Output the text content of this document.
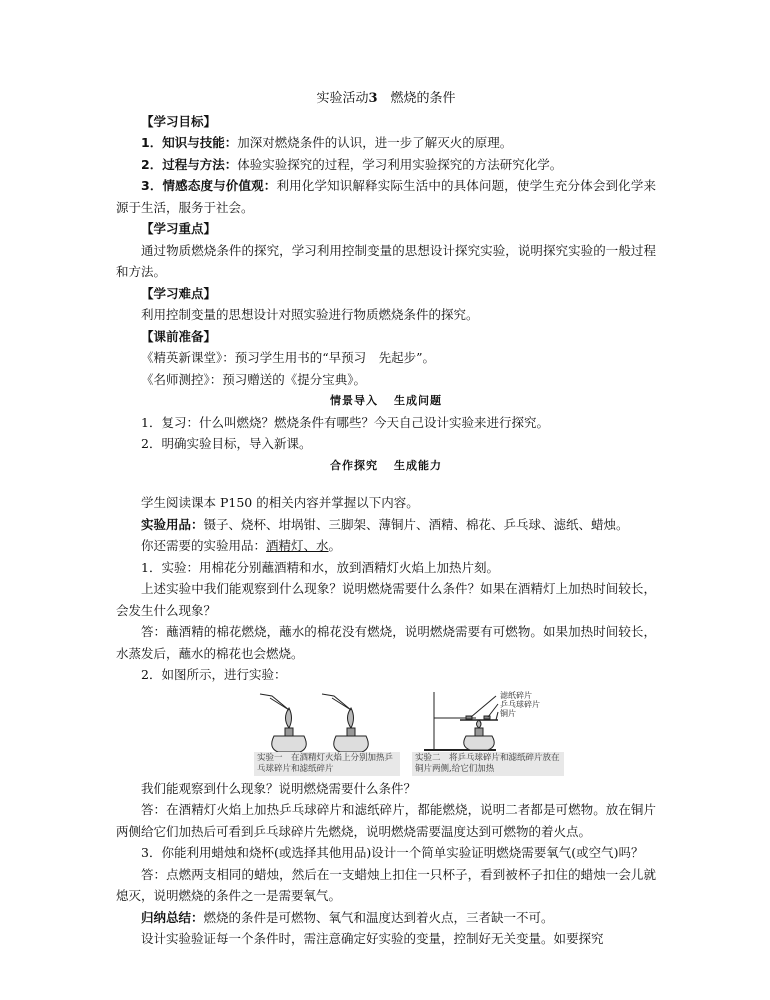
实验活动3　 燃烧的条件

【学习目标】

1．知识与技能：加深对燃烧条件的认识，进一步了解灭火的原理。

2．过程与方法：体验实验探究的过程，学习利用实验探究的方法研究化学。

3．情感态度与价值观：利用化学知识解释实际生活中的具体问题，使学生充分体会到化学来源于生活，服务于社会。

【学习重点】

通过物质燃烧条件的探究，学习利用控制变量的思想设计探究实验，说明探究实验的一般过程和方法。

【学习难点】

利用控制变量的思想设计对照实验进行物质燃烧条件的探究。

【课前准备】

《精英新课堂》：预习学生用书的“早预习　先起步”。

《名师测控》：预习赠送的《提分宝典》。

情景导入 生成问题

1．复习：什么叫燃烧？燃烧条件有哪些？今天自己设计实验来进行探究。

2．明确实验目标，导入新课。

合作探究 生成能力

学生阅读课本 P150 的相关内容并掌握以下内容。

实验用品：镊子、烧杯、坩埚钳、三脚架、薄铜片、酒精、棉花、乒乓球、滤纸、蜡烛。

你还需要的实验用品：酒精灯、水。

1．实验：用棉花分别蘸酒精和水，放到酒精灯火焰上加热片刻。

上述实验中我们能观察到什么现象？说明燃烧需要什么条件？如果在酒精灯上加热时间较长，会发生什么现象？

答：蘸酒精的棉花燃烧，蘸水的棉花没有燃烧，说明燃烧需要有可燃物。如果加热时间较长，水蒸发后，蘸水的棉花也会燃烧。

2．如图所示，进行实验：

实验一　在酒精灯火焰上分别加热乒乓球碎片和滤纸碎片
滤纸碎片
乒乓球碎片
铜片
实验二　将乒乓球碎片和滤纸碎片放在铜片两侧,给它们加热

我们能观察到什么现象？说明燃烧需要什么条件？

答：在酒精灯火焰上加热乒乓球碎片和滤纸碎片，都能燃烧，说明二者都是可燃物。放在铜片两侧给它们加热后可看到乒乓球碎片先燃烧，说明燃烧需要温度达到可燃物的着火点。

3．你能利用蜡烛和烧杯(或选择其他用品)设计一个简单实验证明燃烧需要氧气(或空气)吗？

答：点燃两支相同的蜡烛，然后在一支蜡烛上扣住一只杯子，看到被杯子扣住的蜡烛一会儿就熄灭，说明燃烧的条件之一是需要氧气。

归纳总结：燃烧的条件是可燃物、氧气和温度达到着火点，三者缺一不可。

设计实验验证每一个条件时，需注意确定好实验的变量，控制好无关变量。如要探究
